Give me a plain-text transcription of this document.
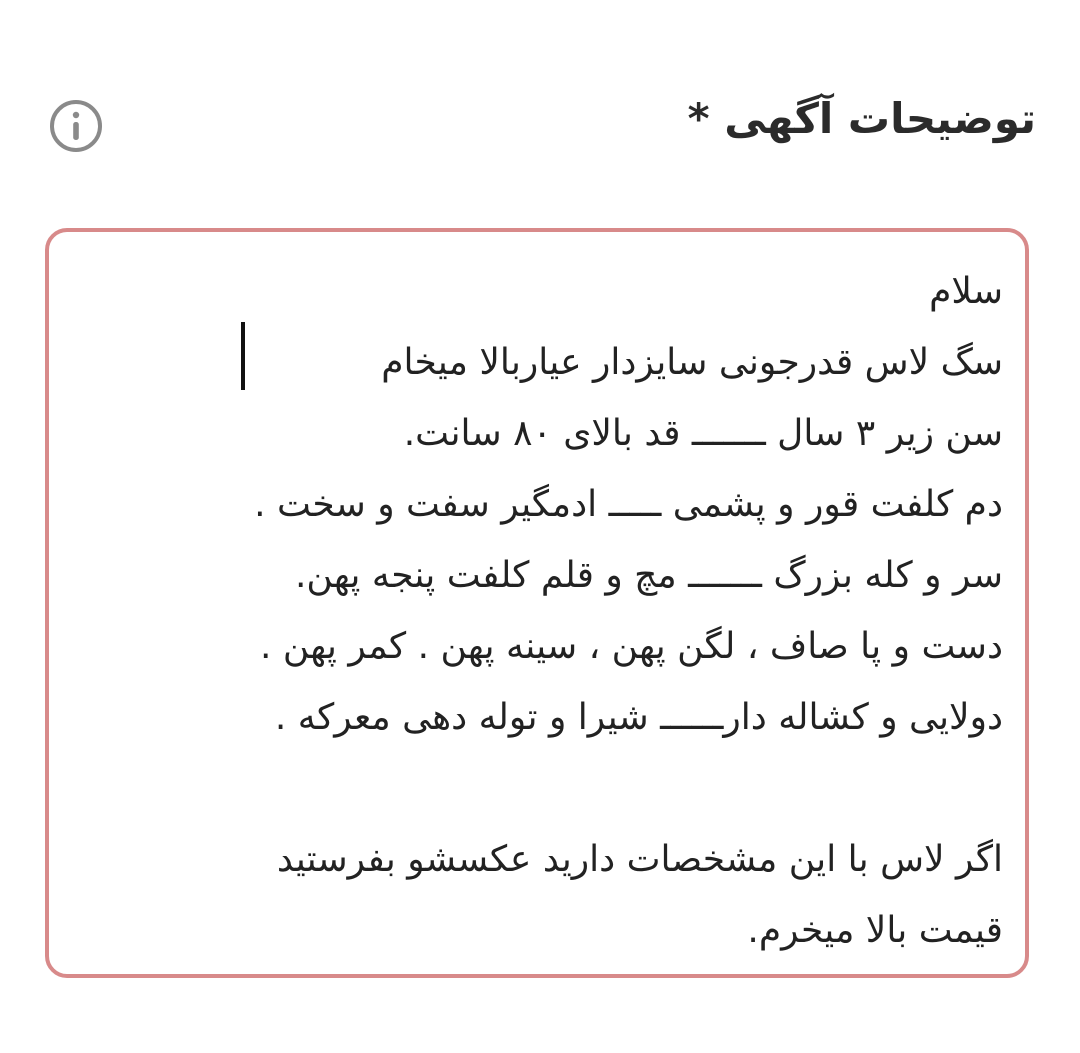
توضیحات آگهی *
سلام
سگ لاس قدرجونی سایزدار عیاربالا میخام
سن زیر ۳ سال ـــــــ قد بالای ۸۰ سانت.
دم کلفت قور و پشمی ـــــ ادمگیر سفت و سخت .
سر و کله بزرگ ـــــــ مچ و قلم کلفت پنجه پهن.
دست و پا صاف ، لگن پهن ، سینه پهن . کمر پهن .
دولایی و کشاله دارــــــ شیرا و توله دهی معرکه .
اگر لاس با این مشخصات دارید عکسشو بفرستید
قیمت بالا میخرم.
